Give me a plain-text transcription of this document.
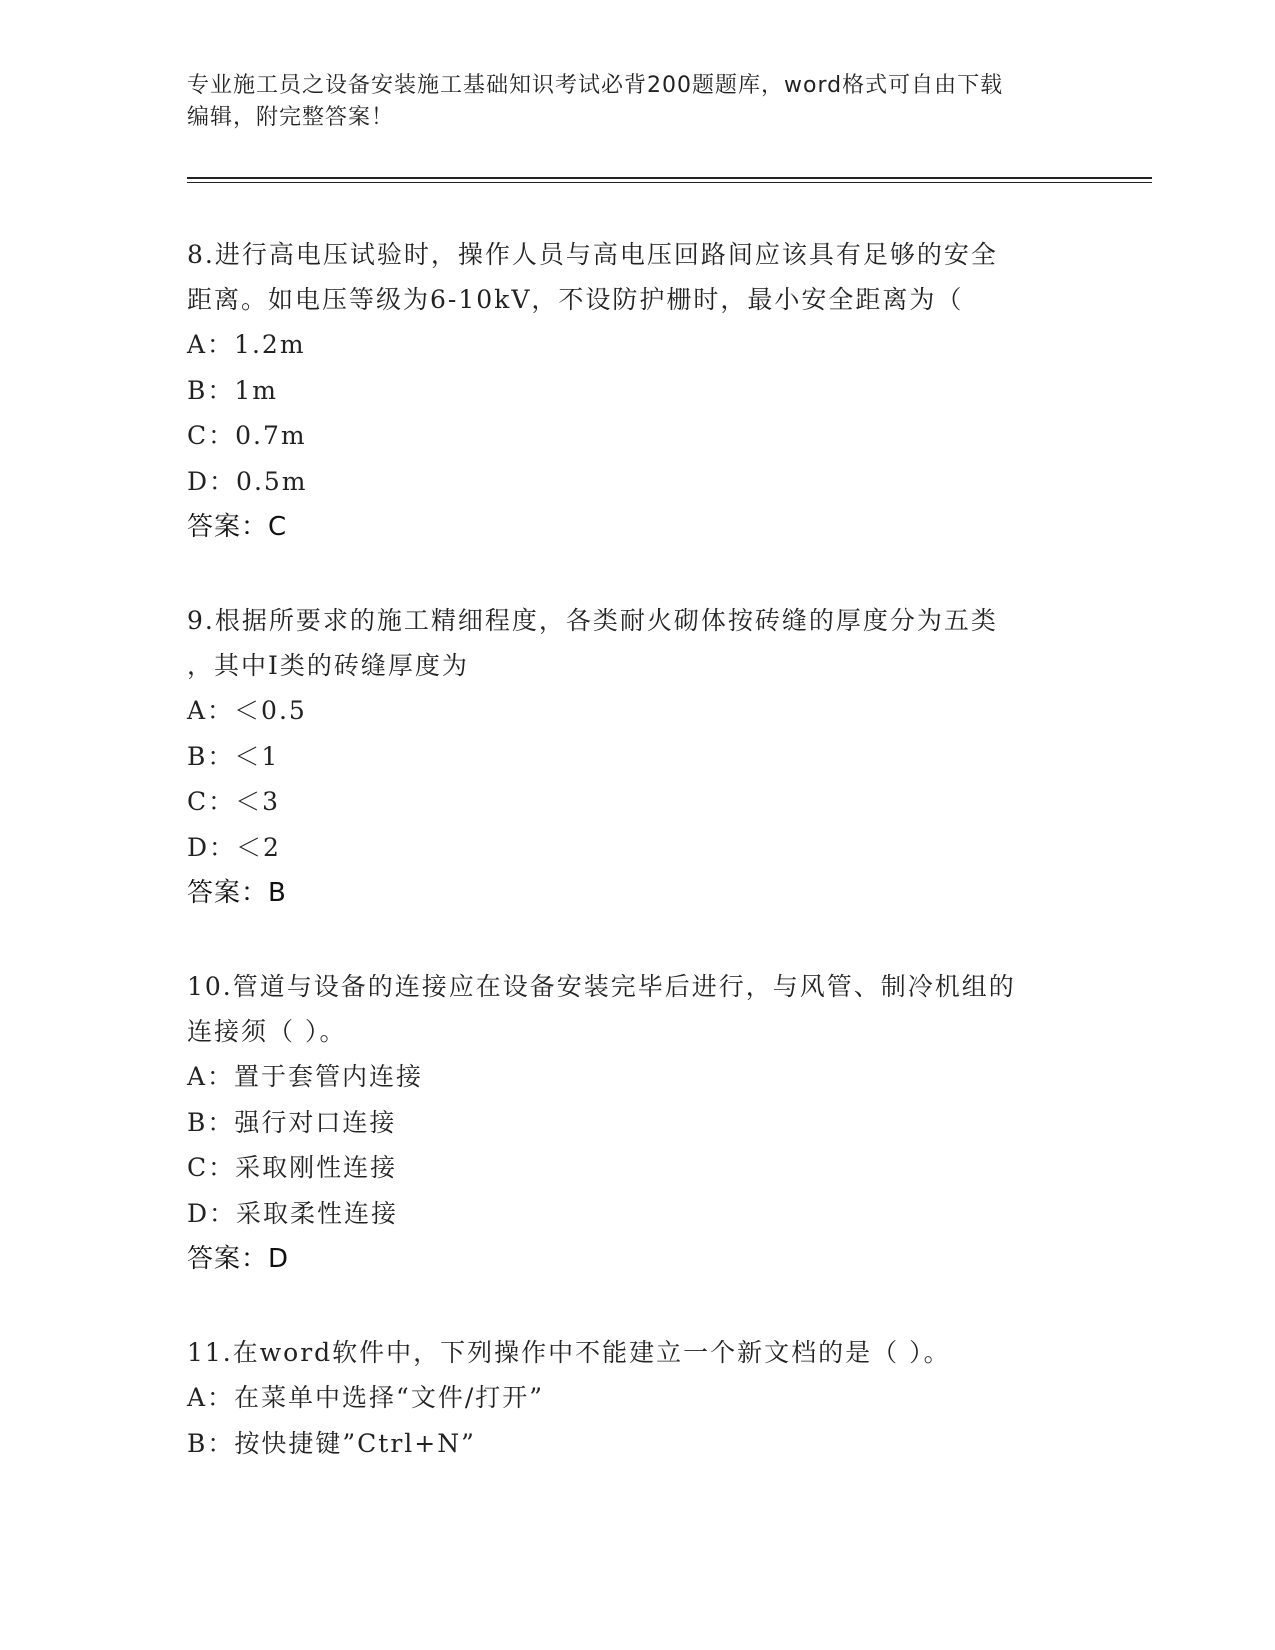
专业施工员之设备安装施工基础知识考试必背200题题库，word格式可自由下载
编辑，附完整答案！
8.进行高电压试验时，操作人员与高电压回路间应该具有足够的安全
距离。如电压等级为6-10kV，不设防护栅时，最小安全距离为（
A：1.2m
B：1m
C：0.7m
D：0.5m
答案：C
9.根据所要求的施工精细程度，各类耐火砌体按砖缝的厚度分为五类
，其中Ⅰ类的砖缝厚度为
A：＜0.5
B：＜1
C：＜3
D：＜2
答案：B
10.管道与设备的连接应在设备安装完毕后进行，与风管、制冷机组的
连接须（ ）。
A：置于套管内连接
B：强行对口连接
C：采取刚性连接
D：采取柔性连接
答案：D
11.在word软件中，下列操作中不能建立一个新文档的是（ ）。
A：在菜单中选择“文件/打开”
B：按快捷键”Ctrl+N”
